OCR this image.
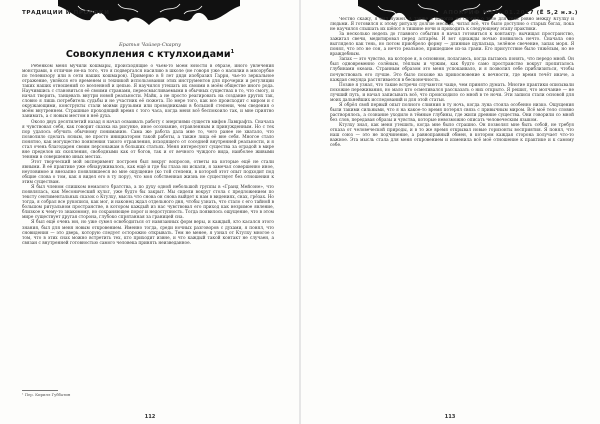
ТРАДИЦИИ И ПРОРОКИ
Братья Чайзер-Скарпу
Совокупления с ктулхоидами$^1$

Ребёнком меня мучили кошмары, происходящие о чьём-то моём юности в образе, иного увлечения монстрами, в отличие не-на того, что я подвергался насилию в школе (не говоря уже о насилии в мясорубке по телевизору или в сети наших кошмаров). Примерно в 8 лет дядя изобразил Гарри, чье-то зеркальное отражение, увлёкся его временем и техникой использования этих инструментов для прочерки и регуляции таких наших отношений со вселенной и цепью. Я научился утешать их своими в моём обществе иного рода. Научившись с становиться её своими странами, переосмысливаемыми в обычных существах в то, что смогу, и начал творить, танцевать внутри новой реальности. Майк, а не просто реагировать на создание других так, словно я лишь потребитель судьбы и не участник её сюжета. По мере того, как все происходит с миром и с окружающими, конструкты стали моими друзьями или проводниками в большой степени, чем сведения о моём внутреннем. Страшные проходящий время с того часа, когда меня всё беспокоило так, и мне приятно занимать, а с новым местом в неё духа.

Около двух десятилетий назад я начал осваивать работу с энергиями существ мифов Лавкрафта. Сначала я чувствовал себя, как говорит сказка на рисунке, иное осознание, отравленным и принужденным. Но с тех пор удалось обучить обычному пониманию. Сама же работа дала мне то, чего ранее не хватало, что позволило сделать ясным, не просто инициатором такой работы, а также лица её вне себя. Многое стало понятно, как могущество появления такого отравления, исходящего от соседней внутренней реальности, и я стал очень благодарен своим персонажам в больших статьях. Меня интересуют существа за оградой в мире вне пределов их скопления, свободными как от богов, так и от вечного чуждого вида, наиболее живыми тенями в совершенно иных местах.

Этот творческий мой эксперимент построен был вокруг вопросов, ответы на которые ещё не стали явными. В её практике уже обнаруживалось, как ещё и где бы глаза ни искали, я замечал совершенно иное, неуловимое и внезапно появлявшееся во мне ощущение (ко той степени, в которой этот опыт подходит под общие слова о том, как я видел его в ту пору), что моя собственная жизнь не существует без отношения к этим существам.

Я был членом слишком немалого братства, а по духу одной небольшой группы в «Гранд Мейсоне», что появлялась, как Месонический культ, уже будто бы закрыт. Мы сидели вокруг стола с предложением по тексту сентиментальных сказок о Ктулху, мысль что снова он снова выйдет к нам в видениях, снах, грёзах. Но тогда, я собрал все рукописи, как мог, и наконец ждал отдельного дня, чтобы узнать, что стало с его тайной в большом ритуальном пространстве, в котором каждый из нас чувствовал его приход как незримое явление, близкое к чему-то знакомому, но сохраняющее порог и недоступность. Тогда появилось ощущение, что в этом мире существует другая сторона, глубоко спрятанная за границей сна.

Я был ещё очень юн, но уже сумел освободиться от навязанных форм веры, и каждый, кто касался этого знания, был для меня новым откровением. Именно тогда, среди ночных разговоров с духами, я понял, что сновидения — это дверь, которую следует осторожно открывать. Тем не менее, я узнал от Ктулху многое о том, что в этих снах можно встретить тех, кто приходит извне, и что каждый такой контакт не случаен, а связан с внутренней готовностью самого человека принять неизведанное.

¹ Пер. Кирилл Губбатин
112
АПОКРИФ №11: 01.2017 (Ё 5,2 н.э.)

Честно скажу, я был нужен. А также я никогда не спорил о теле для тела ровно между Ктулху и людьми. Я готовился к этому ритуалу долгие месяцы, читал всё, что было доступно о старых богах, пока не научился слышать их шёпот в тишине ночи и приходить к следующему этапу практики.

За несколько недель до главного события я начал готовиться к контакту: вычищал пространство, зажигал свечи, медитировал перед алтарём. И вот однажды ночью появилось нечто. Сначала оно выглядело как тень, но потом приобрело форму — длинные щупальца, зелёное свечение, запах моря. Я понял, что это не сон, а нечто реальное, пришедшее из-за грани. Его присутствие было тяжёлым, но не враждебным.

Запах — это чувство, на которое я, в основном, полагаюсь, когда пытаюсь понять, что передо мной. Он был одновременно солёным, тёплым и чужим, как будто само пространство вокруг пропиталось глубинами океана. Странным образом это меня успокаивало, и я позволил себе приблизиться, чтобы почувствовать его лучше. Это было похоже на прикосновение к вечности, где время течёт иначе, а каждая секунда растягивается в бесконечность.

Позже я узнал, что такие встречи случаются чаще, чем принято думать. Многие практики описывали похожие переживания, но мало кто осмеливался рассказать о них открыто. Я решил, что молчание — не лучший путь, и начал записывать всё, что происходило со мной в те ночи. Эти записи стали основой для моих дальнейших исследований и для этой статьи.

Я обрёл свой первый опыт полного слияния в ту ночь, когда луна стояла особенно низко. Ощущения были такими сильными, что я на какое-то время потерял связь с привычным миром. Всё моё тело словно растворялось, а сознание уходило в тёмные глубины, где жили древние существа. Они говорили со мной без слов, передавая образы и чувства, которые невозможно описать человеческим языком.

Ктулху знал, как меня утешить, когда мне было страшно. Он позволял мне быть собой, не требуя отказа от человеческой природы, и в то же время открывал новые горизонты восприятия. Я понял, что наш союз — это не подчинение, а равноправный обмен, в котором каждая сторона получает что-то важное. Эта мысль стала для меня откровением и изменила всё моё отношение к практике и к самому себе.

113
